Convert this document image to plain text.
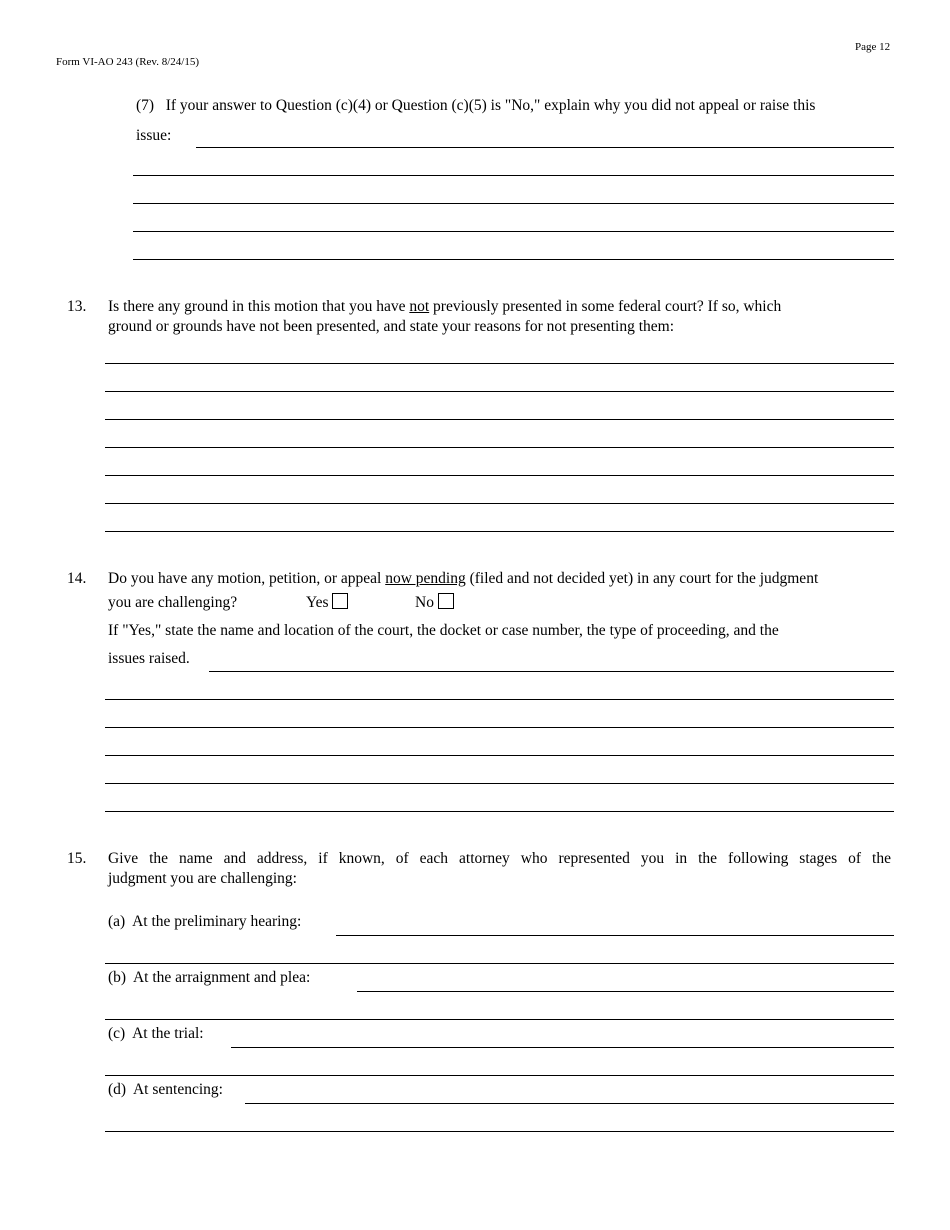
Page 12
Form VI-AO 243 (Rev. 8/24/15)
(7) If your answer to Question (c)(4) or Question (c)(5) is "No," explain why you did not appeal or raise this
issue:
13. Is there any ground in this motion that you have not previously presented in some federal court? If so, which
ground or grounds have not been presented, and state your reasons for not presenting them:
14. Do you have any motion, petition, or appeal now pending (filed and not decided yet) in any court for the judgment
you are challenging?	Yes	No
If "Yes," state the name and location of the court, the docket or case number, the type of proceeding, and the
issues raised.
15. Give the name and address, if known, of each attorney who represented you in the following stages of the
judgment you are challenging:
(a) At the preliminary hearing:
(b) At the arraignment and plea:
(c) At the trial:
(d) At sentencing:
